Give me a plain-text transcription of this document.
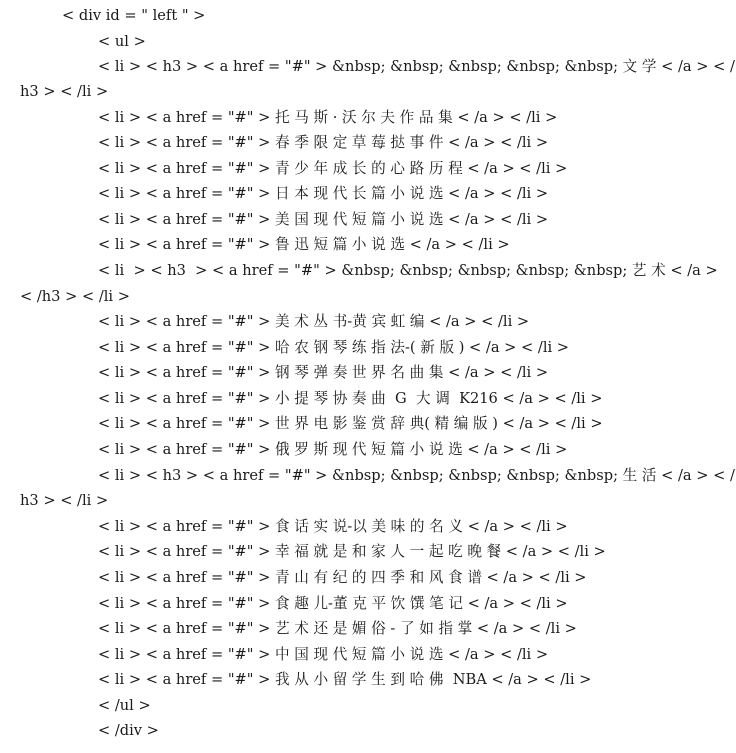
< div id = " left " >
< ul >
< li > < h3 > < a href = "#" > &nbsp; &nbsp; &nbsp; &nbsp; &nbsp; 文 学 < /a > < /
h3 > < /li >
< li > < a href = "#" > 托 马 斯 · 沃 尔 夫 作 品 集 < /a > < /li >
< li > < a href = "#" > 春 季 限 定 草 莓 挞 事 件 < /a > < /li >
< li > < a href = "#" > 青 少 年 成 长 的 心 路 历 程 < /a > < /li >
< li > < a href = "#" > 日 本 现 代 长 篇 小 说 选 < /a > < /li >
< li > < a href = "#" > 美 国 现 代 短 篇 小 说 选 < /a > < /li >
< li > < a href = "#" > 鲁 迅 短 篇 小 说 选 < /a > < /li >
< li  > < h3  > < a href = "#" > &nbsp; &nbsp; &nbsp; &nbsp; &nbsp; 艺 术 < /a >
< /h3 > < /li >
< li > < a href = "#" > 美 术 丛 书-黄 宾 虹 编 < /a > < /li >
< li > < a href = "#" > 哈 农 钢 琴 练 指 法-( 新 版 ) < /a > < /li >
< li > < a href = "#" > 钢 琴 弹 奏 世 界 名 曲 集 < /a > < /li >
< li > < a href = "#" > 小 提 琴 协 奏 曲  G  大 调  K216 < /a > < /li >
< li > < a href = "#" > 世 界 电 影 鉴 赏 辞 典( 精 编 版 ) < /a > < /li >
< li > < a href = "#" > 俄 罗 斯 现 代 短 篇 小 说 选 < /a > < /li >
< li > < h3 > < a href = "#" > &nbsp; &nbsp; &nbsp; &nbsp; &nbsp; 生 活 < /a > < /
h3 > < /li >
< li > < a href = "#" > 食 话 实 说-以 美 味 的 名 义 < /a > < /li >
< li > < a href = "#" > 幸 福 就 是 和 家 人 一 起 吃 晚 餐 < /a > < /li >
< li > < a href = "#" > 青 山 有 纪 的 四 季 和 风 食 谱 < /a > < /li >
< li > < a href = "#" > 食 趣 儿-董 克 平 饮 馔 笔 记 < /a > < /li >
< li > < a href = "#" > 艺 术 还 是 媚 俗 - 了 如 指 掌 < /a > < /li >
< li > < a href = "#" > 中 国 现 代 短 篇 小 说 选 < /a > < /li >
< li > < a href = "#" > 我 从 小 留 学 生 到 哈 佛  NBA < /a > < /li >
< /ul >
< /div >
